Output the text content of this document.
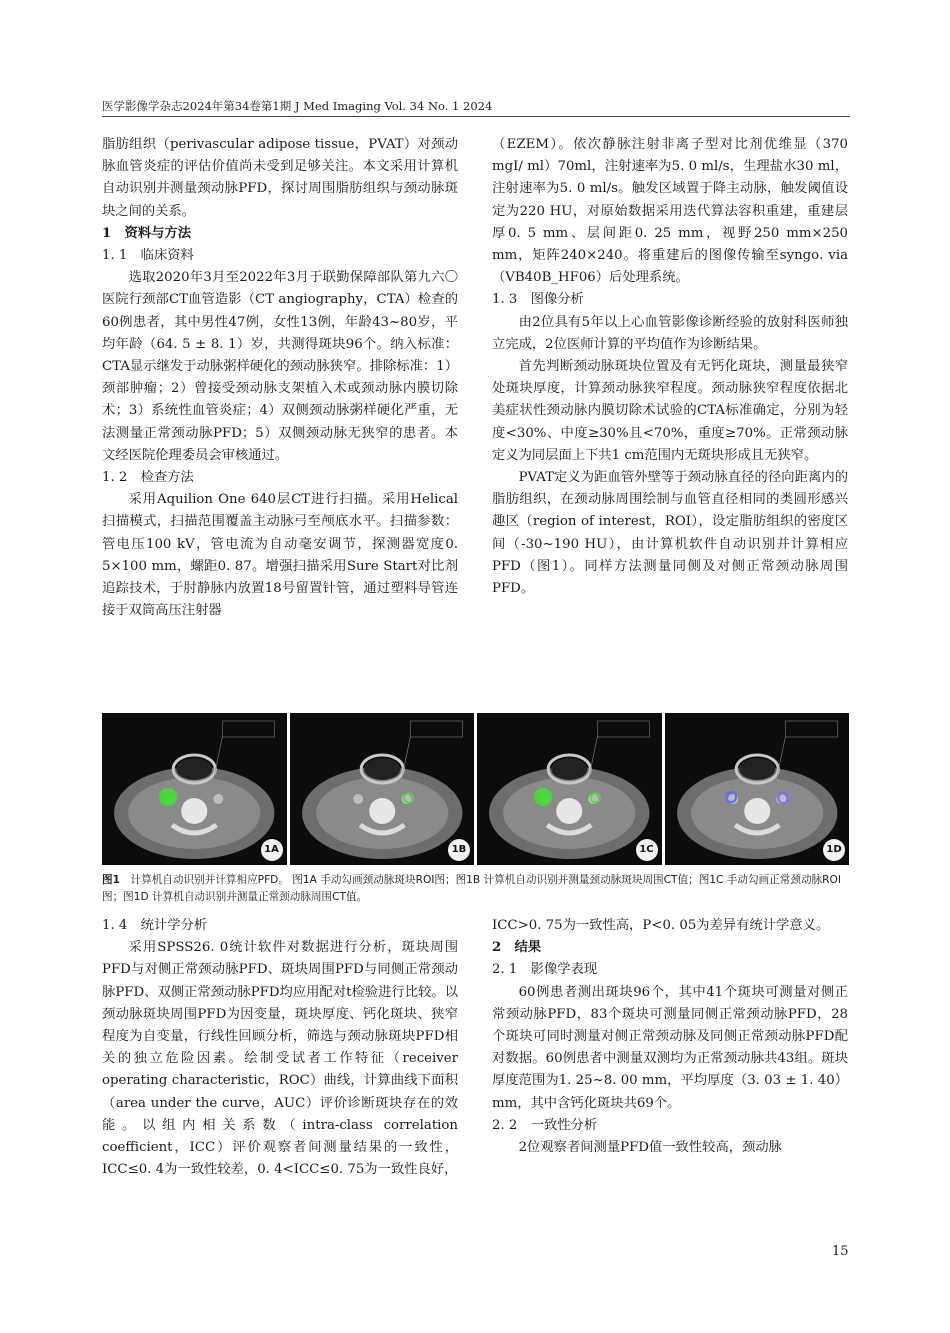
医学影像学杂志2024年第34卷第1期 J Med Imaging Vol. 34 No. 1 2024

脂肪组织（perivascular adipose tissue，PVAT）对颈动脉血管炎症的评估价值尚未受到足够关注。本文采用计算机自动识别并测量颈动脉PFD，探讨周围脂肪组织与颈动脉斑块之间的关系。

1　资料与方法

1. 1　临床资料

选取2020年3月至2022年3月于联勤保障部队第九六〇医院行颈部CT血管造影（CT angiography，CTA）检查的60例患者，其中男性47例，女性13例，年龄43~80岁，平均年龄（64. 5 ± 8. 1）岁，共测得斑块96个。纳入标准：CTA显示继发于动脉粥样硬化的颈动脉狭窄。排除标准：1）颈部肿瘤；2）曾接受颈动脉支架植入术或颈动脉内膜切除术；3）系统性血管炎症；4）双侧颈动脉粥样硬化严重，无法测量正常颈动脉PFD；5）双侧颈动脉无狭窄的患者。本文经医院伦理委员会审核通过。

1. 2　检查方法

采用Aquilion One 640层CT进行扫描。采用Helical扫描模式，扫描范围覆盖主动脉弓至颅底水平。扫描参数：管电压100 kV，管电流为自动毫安调节，探测器宽度0. 5×100 mm，螺距0. 87。增强扫描采用Sure Start对比剂追踪技术，于肘静脉内放置18号留置针管，通过塑料导管连接于双筒高压注射器

（EZEM）。依次静脉注射非离子型对比剂优维显（370 mgI/ ml）70ml，注射速率为5. 0 ml/s，生理盐水30 ml，注射速率为5. 0 ml/s。触发区域置于降主动脉，触发阈值设定为220 HU，对原始数据采用迭代算法容积重建，重建层厚0. 5 mm、层间距0. 25 mm，视野250 mm×250 mm，矩阵240×240。将重建后的图像传输至syngo. via（VB40B_HF06）后处理系统。

1. 3　图像分析

由2位具有5年以上心血管影像诊断经验的放射科医师独立完成，2位医师计算的平均值作为诊断结果。

首先判断颈动脉斑块位置及有无钙化斑块，测量最狭窄处斑块厚度，计算颈动脉狭窄程度。颈动脉狭窄程度依据北美症状性颈动脉内膜切除术试验的CTA标准确定，分别为轻度<30%、中度≥30%且<70%，重度≥70%。正常颈动脉定义为同层面上下共1 cm范围内无斑块形成且无狭窄。

PVAT定义为距血管外壁等于颈动脉直径的径向距离内的脂肪组织，在颈动脉周围绘制与血管直径相同的类圆形感兴趣区（region of interest，ROI），设定脂肪组织的密度区间（-30~190 HU），由计算机软件自动识别并计算相应PFD（图1）。同样方法测量同侧及对侧正常颈动脉周围PFD。

1A	1B	1C	1D
图1　计算机自动识别并计算相应PFD。 图1A 手动勾画颈动脉斑块ROI图；图1B 计算机自动识别并测量颈动脉斑块周围CT值；图1C 手动勾画正常颈动脉ROI图；图1D 计算机自动识别并测量正常颈动脉周围CT值。

1. 4　统计学分析

采用SPSS26. 0统计软件对数据进行分析，斑块周围PFD与对侧正常颈动脉PFD、斑块周围PFD与同侧正常颈动脉PFD、双侧正常颈动脉PFD均应用配对t检验进行比较。以颈动脉斑块周围PFD为因变量，斑块厚度、钙化斑块、狭窄程度为自变量，行线性回顾分析，筛选与颈动脉斑块PFD相关的独立危险因素。绘制受试者工作特征（receiver operating characteristic，ROC）曲线，计算曲线下面积（area under the curve，AUC）评价诊断斑块存在的效能。以组内相关系数（intra-class correlation coefficient，ICC）评价观察者间测量结果的一致性，ICC≤0. 4为一致性较差，0. 4<ICC≤0. 75为一致性良好，

ICC>0. 75为一致性高，P<0. 05为差异有统计学意义。

2　结果

2. 1　影像学表现

60例患者测出斑块96个，其中41个斑块可测量对侧正常颈动脉PFD，83个斑块可测量同侧正常颈动脉PFD，28个斑块可同时测量对侧正常颈动脉及同侧正常颈动脉PFD配对数据。60例患者中测量双测均为正常颈动脉共43组。斑块厚度范围为1. 25~8. 00 mm，平均厚度（3. 03 ± 1. 40）mm，其中含钙化斑块共69个。

2. 2　一致性分析

2位观察者间测量PFD值一致性较高，颈动脉

15
